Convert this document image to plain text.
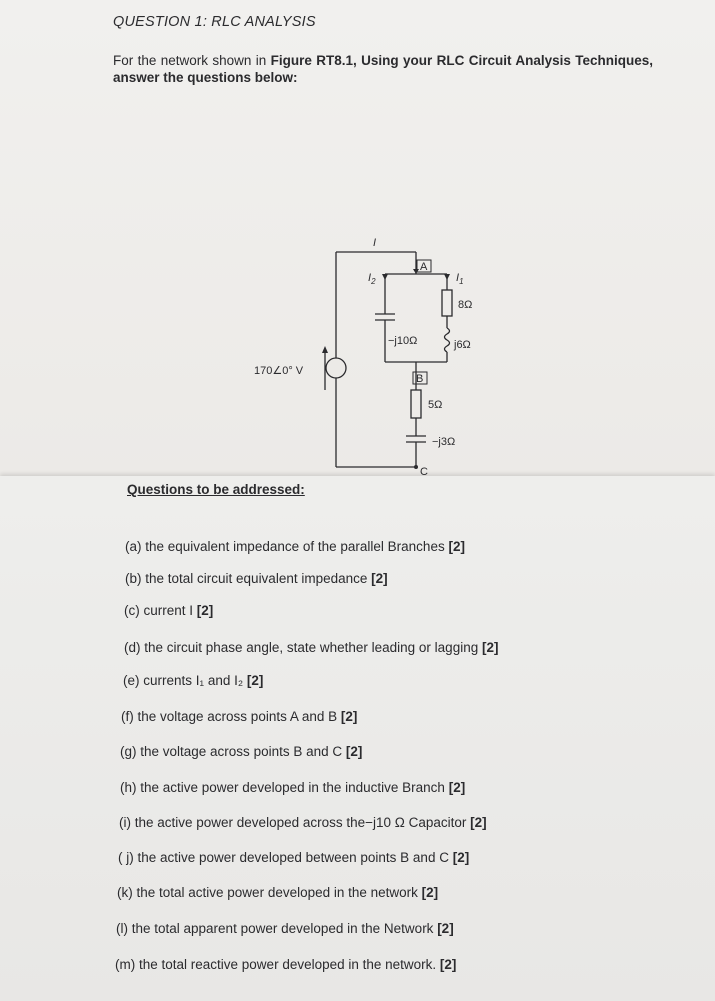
QUESTION 1: RLC ANALYSIS
For the network shown in Figure RT8.1, Using your RLC Circuit Analysis Techniques, answer the questions below:
I
$I_2$	$I_1$
A
B
C
8Ω
j6Ω
−j10Ω
5Ω
−j3Ω
170∠0° V
Questions to be addressed:
(a) the equivalent impedance of the parallel Branches [2]
(b) the total circuit equivalent impedance [2]
(c) current I [2]
(d) the circuit phase angle, state whether leading or lagging [2]
(e) currents I₁ and I₂ [2]
(f) the voltage across points A and B [2]
(g) the voltage across points B and C [2]
(h) the active power developed in the inductive Branch [2]
(i) the active power developed across the−j10 Ω Capacitor [2]
( j) the active power developed between points B and C [2]
(k) the total active power developed in the network [2]
(l) the total apparent power developed in the Network [2]
(m) the total reactive power developed in the network. [2]
